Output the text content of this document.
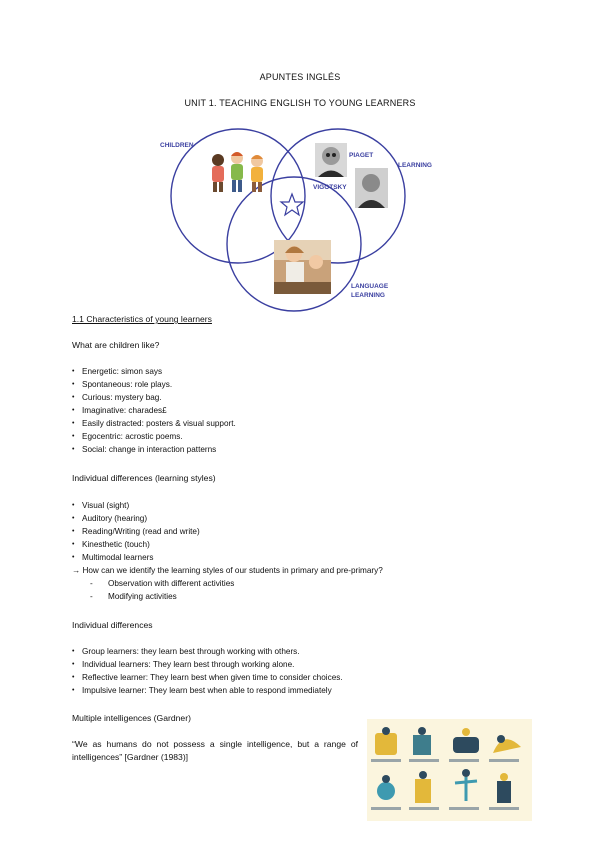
APUNTES INGLÉS
UNIT 1. TEACHING ENGLISH TO YOUNG LEARNERS
CHILDREN
PIAGET
LEARNING
VIGOTSKY
LANGUAGE
LEARNING
1.1 Characteristics of young learners
What are children like?
• Energetic: simon says
• Spontaneous: role plays.
• Curious: mystery bag.
• Imaginative: charades£
• Easily distracted: posters & visual support.
• Egocentric: acrostic poems.
• Social: change in interaction patterns
Individual differences (learning styles)
• Visual (sight)
• Auditory (hearing)
• Reading/Writing (read and write)
• Kinesthetic (touch)
• Multimodal learners
→ How can we identify the learning styles of our students in primary and pre-primary?
- Observation with different activities
- Modifying activities
Individual differences
• Group learners: they learn best through working with others.
• Individual learners: They learn best through working alone.
• Reflective learner: They learn best when given time to consider choices.
• Impulsive learner: They learn best when able to respond immediately
Multiple intelligences (Gardner)
“We as humans do not possess a single intelligence, but a range of intelligences” [Gardner (1983)]
